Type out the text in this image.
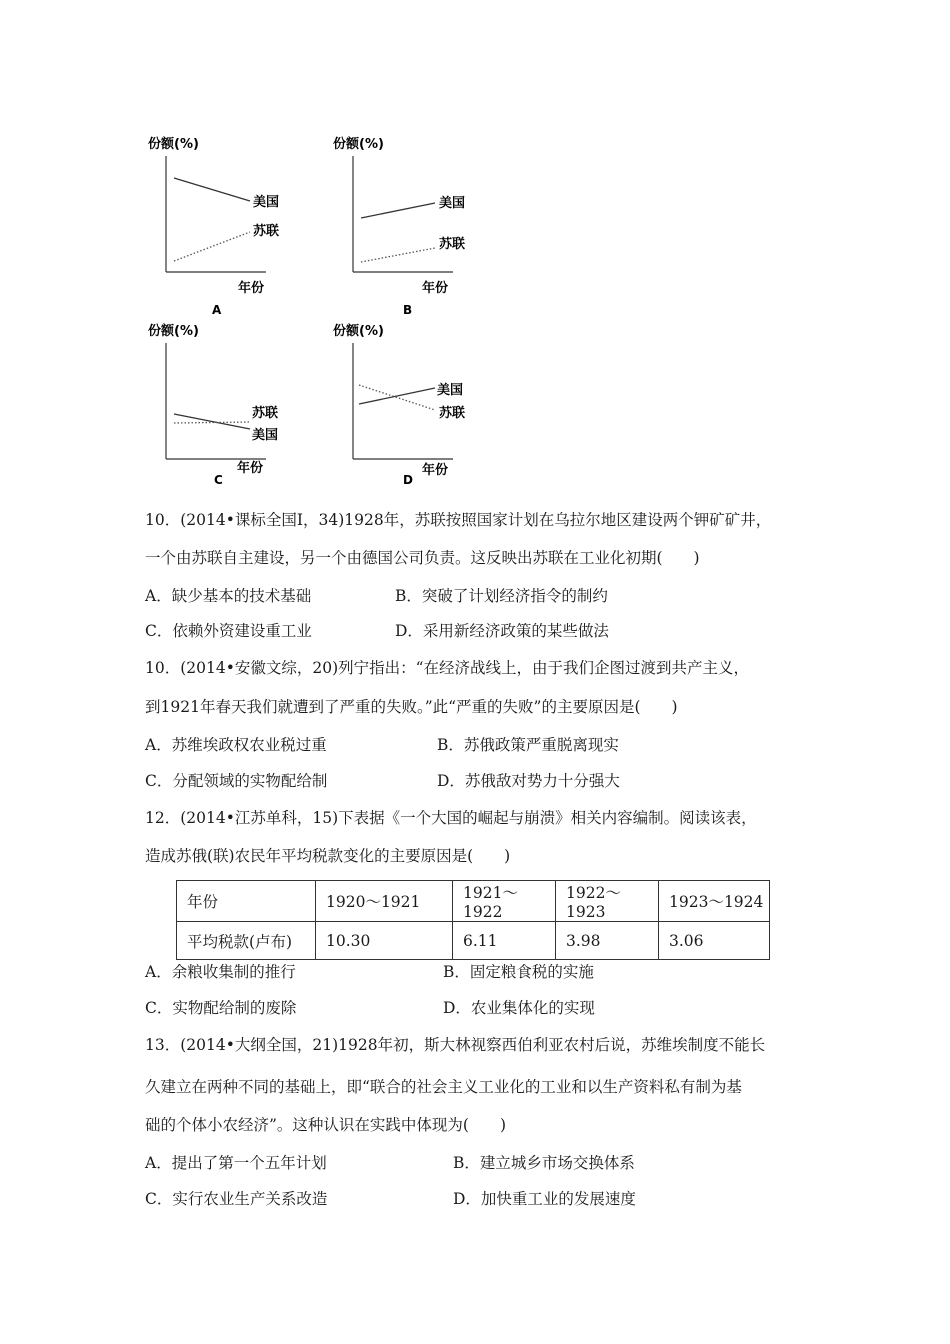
份额(%)
美国
苏联
年份
A
份额(%)
美国
苏联
年份
B
份额(%)
苏联
美国
年份
C
份额(%)
美国
苏联
年份
D
10．(2014•课标全国Ⅰ，34)1928年，苏联按照国家计划在乌拉尔地区建设两个钾矿矿井，
一个由苏联自主建设，另一个由德国公司负责。这反映出苏联在工业化初期(　　)
A．缺少基本的技术基础	B．突破了计划经济指令的制约
C．依赖外资建设重工业	D．采用新经济政策的某些做法
10．(2014•安徽文综，20)列宁指出：“在经济战线上，由于我们企图过渡到共产主义，
到1921年春天我们就遭到了严重的失败。”此“严重的失败”的主要原因是(　　)
A．苏维埃政权农业税过重	B．苏俄政策严重脱离现实
C．分配领域的实物配给制	D．苏俄敌对势力十分强大
12．(2014•江苏单科，15)下表据《一个大国的崛起与崩溃》相关内容编制。阅读该表，
造成苏俄(联)农民年平均税款变化的主要原因是(　　)
年份	1920～1921	1921～1922	1922～1923	1923～1924
平均税款(卢布)	10.30	6.11	3.98	3.06
A．余粮收集制的推行	B．固定粮食税的实施
C．实物配给制的废除	D．农业集体化的实现
13．(2014•大纲全国，21)1928年初，斯大林视察西伯利亚农村后说，苏维埃制度不能长
久建立在两种不同的基础上，即“联合的社会主义工业化的工业和以生产资料私有制为基
础的个体小农经济”。这种认识在实践中体现为(　　)
A．提出了第一个五年计划	B．建立城乡市场交换体系
C．实行农业生产关系改造	D．加快重工业的发展速度
